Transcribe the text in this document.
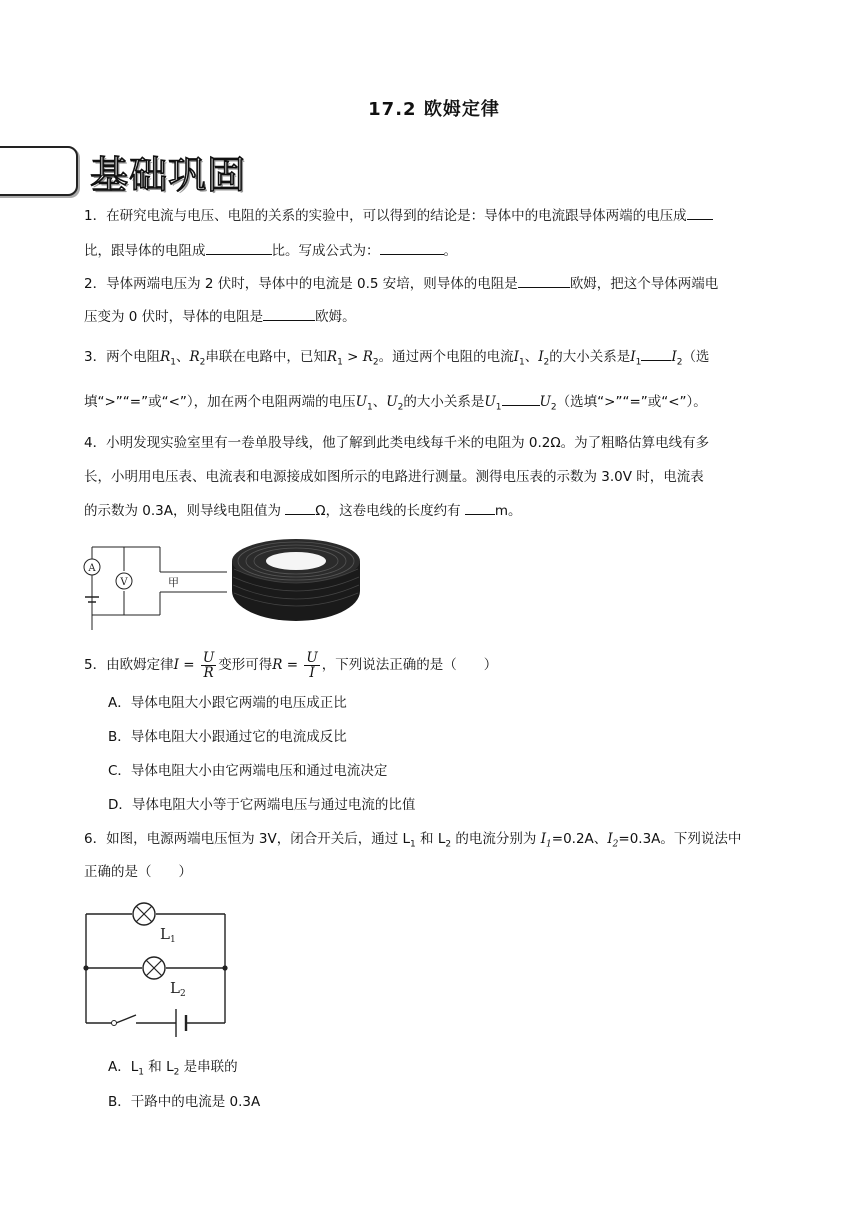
17.2 欧姆定律
基础巩固
1．在研究电流与电压、电阻的关系的实验中，可以得到的结论是：导体中的电流跟导体两端的电压成
比，跟导体的电阻成	比。写成公式为：	。
2．导体两端电压为 2 伏时，导体中的电流是 0.5 安培，则导体的电阻是	欧姆，把这个导体两端电
压变为 0 伏时，导体的电阻是	欧姆。
3．两个电阻$R_1$、$R_2$串联在电路中，已知$R_1 > R_2$。通过两个电阻的电流$I_1$、$I_2$的大小关系是$I_1$ $I_2$（选
填“>”“=”或“<”），加在两个电阻两端的电压$U_1$、$U_2$的大小关系是$U_1$	$U_2$（选填“>”“=”或“<”）。
4．小明发现实验室里有一卷单股导线，他了解到此类电线每千米的电阻为 0.2Ω。为了粗略估算电线有多
长，小明用电压表、电流表和电源接成如图所示的电路进行测量。测得电压表的示数为 3.0V 时，电流表
的示数为 0.3A，则导线电阻值为 Ω，这卷电线的长度约有 m。
A
V	甲
5．由欧姆定律$I = \frac{U}{R}$ 变形可得$R = \frac{U}{I}$ ，下列说法正确的是（　　）
A．导体电阻大小跟它两端的电压成正比
B．导体电阻大小跟通过它的电流成反比
C．导体电阻大小由它两端电压和通过电流决定
D．导体电阻大小等于它两端电压与通过电流的比值
6．如图，电源两端电压恒为 3V，闭合开关后，通过 $L_1$ 和 $L_2$ 的电流分别为 $I_1=0.2A$、$I_2=0.3A$。下列说法中
正确的是（　　）
$L_1$
$L_2$
A．$L_1$ 和 $L_2$ 是串联的
B．干路中的电流是 0.3A
